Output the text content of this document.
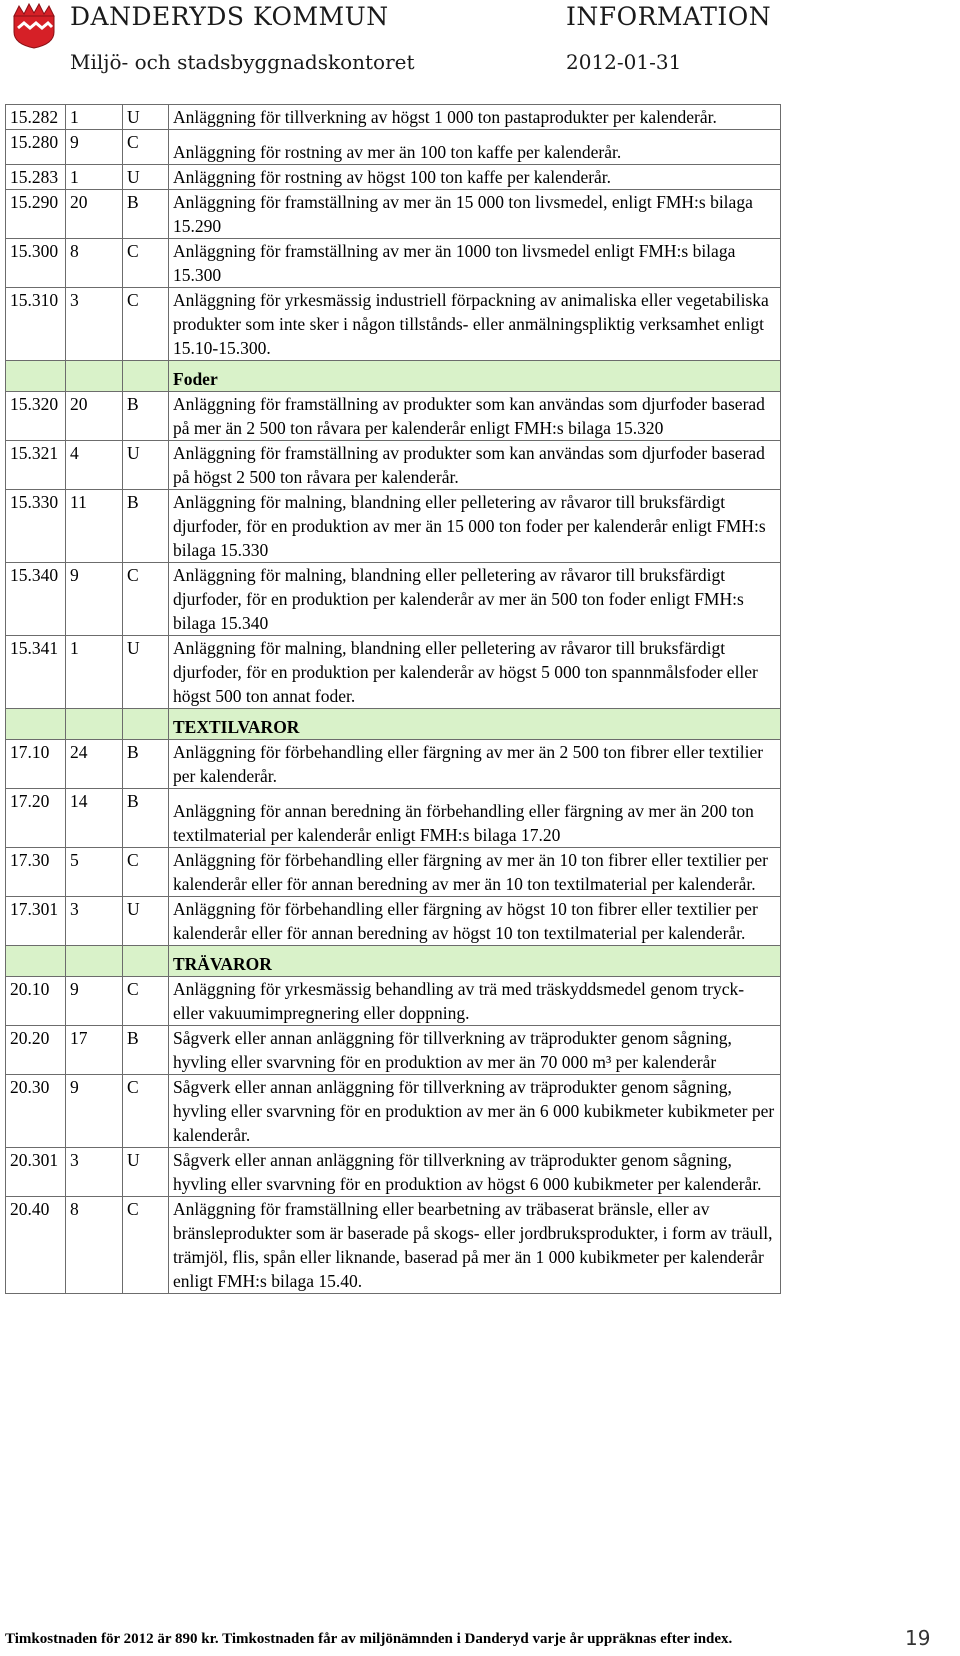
DANDERYDS KOMMUN	INFORMATION
Miljö- och stadsbyggnadskontoret	2012-01-31
15.282	1	U	Anläggning för tillverkning av högst 1 000 ton pastaprodukter per kalenderår.
15.280	9	C	Anläggning för rostning av mer än 100 ton kaffe per kalenderår.
15.283	1	U	Anläggning för rostning av högst 100 ton kaffe per kalenderår.
15.290	20	B	Anläggning för framställning av mer än 15 000 ton livsmedel, enligt FMH:s bilaga 15.290
15.300	8	C	Anläggning för framställning av mer än 1000 ton livsmedel enligt FMH:s bilaga 15.300
15.310	3	C	Anläggning för yrkesmässig industriell förpackning av animaliska eller vegetabiliska produkter som inte sker i någon tillstånds- eller anmälningspliktig verksamhet enligt 15.10-15.300.
			Foder
15.320	20	B	Anläggning för framställning av produkter som kan användas som djurfoder baserad på mer än 2 500 ton råvara per kalenderår enligt FMH:s bilaga 15.320
15.321	4	U	Anläggning för framställning av produkter som kan användas som djurfoder baserad på högst 2 500 ton råvara per kalenderår.
15.330	11	B	Anläggning för malning, blandning eller pelletering av råvaror till bruksfärdigt djurfoder, för en produktion av mer än 15 000 ton foder per kalenderår enligt FMH:s bilaga 15.330
15.340	9	C	Anläggning för malning, blandning eller pelletering av råvaror till bruksfärdigt djurfoder, för en produktion per kalenderår av mer än 500 ton foder enligt FMH:s bilaga 15.340
15.341	1	U	Anläggning för malning, blandning eller pelletering av råvaror till bruksfärdigt djurfoder, för en produktion per kalenderår av högst 5 000 ton spannmålsfoder eller högst 500 ton annat foder.
			TEXTILVAROR
17.10	24	B	Anläggning för förbehandling eller färgning av mer än 2 500 ton fibrer eller textilier per kalenderår.
17.20	14	B	Anläggning för annan beredning än förbehandling eller färgning av mer än 200 ton textilmaterial per kalenderår enligt FMH:s bilaga 17.20
17.30	5	C	Anläggning för förbehandling eller färgning av mer än 10 ton fibrer eller textilier per kalenderår eller för annan beredning av mer än 10 ton textilmaterial per kalenderår.
17.301	3	U	Anläggning för förbehandling eller färgning av högst 10 ton fibrer eller textilier per kalenderår eller för annan beredning av högst 10 ton textilmaterial per kalenderår.
			TRÄVAROR
20.10	9	C	Anläggning för yrkesmässig behandling av trä med träskyddsmedel genom tryck- eller vakuumimpregnering eller doppning.
20.20	17	B	Sågverk eller annan anläggning för tillverkning av träprodukter genom sågning, hyvling eller svarvning för en produktion av mer än 70 000 m³ per kalenderår
20.30	9	C	Sågverk eller annan anläggning för tillverkning av träprodukter genom sågning, hyvling eller svarvning för en produktion av mer än 6 000 kubikmeter kubikmeter per kalenderår.
20.301	3	U	Sågverk eller annan anläggning för tillverkning av träprodukter genom sågning, hyvling eller svarvning för en produktion av högst 6 000 kubikmeter per kalenderår.
20.40	8	C	Anläggning för framställning eller bearbetning av träbaserat bränsle, eller av bränsleprodukter som är baserade på skogs- eller jordbruksprodukter, i form av träull, trämjöl, flis, spån eller liknande, baserad på mer än 1 000 kubikmeter per kalenderår enligt FMH:s bilaga 15.40.
Timkostnaden för 2012 är 890 kr. Timkostnaden får av miljönämnden i Danderyd varje år uppräknas efter index.	19
